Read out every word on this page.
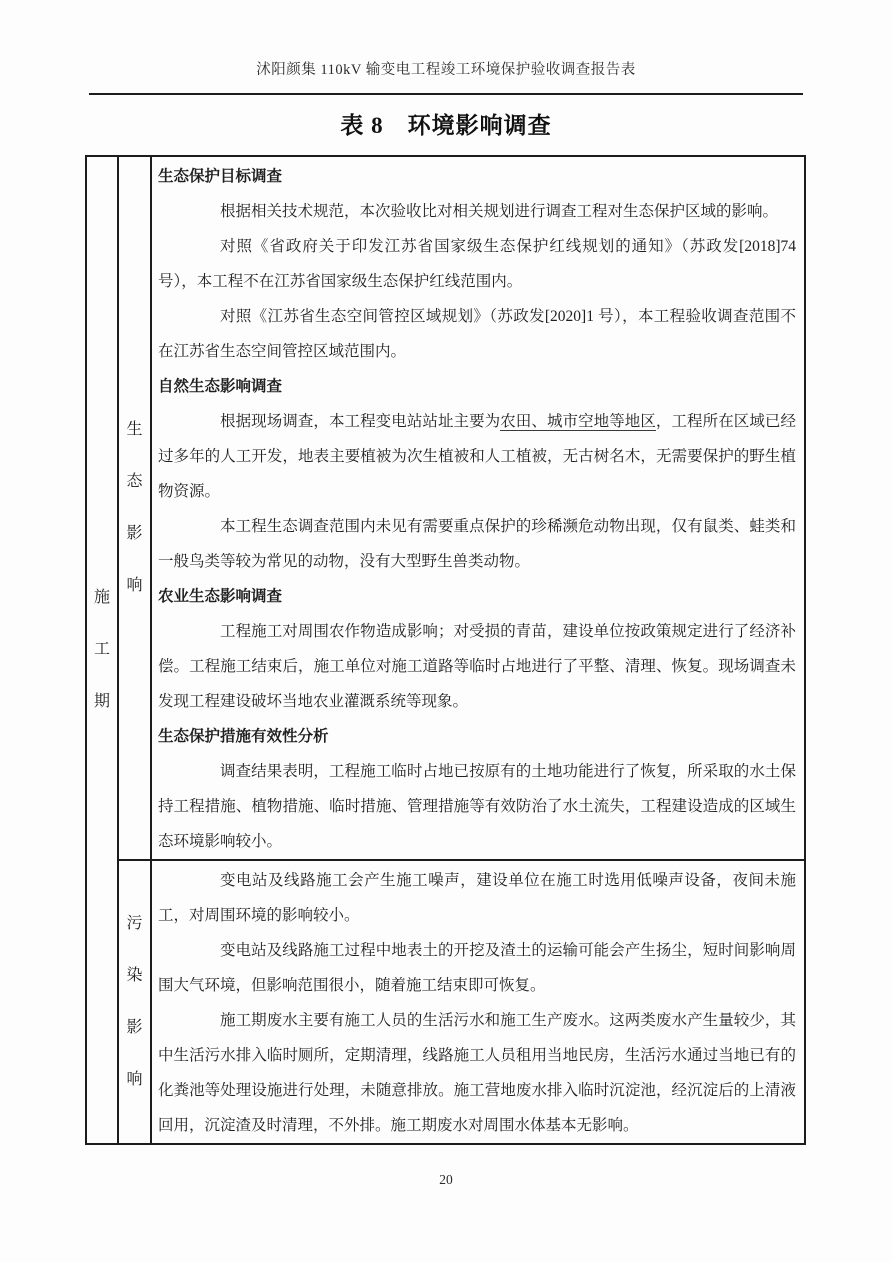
沭阳颜集 110kV 输变电工程竣工环境保护验收调查报告表
表 8　环境影响调查
施工期
生态影响

生态保护目标调查

根据相关技术规范，本次验收比对相关规划进行调查工程对生态保护区域的影响。

对照《省政府关于印发江苏省国家级生态保护红线规划的通知》（苏政发[2018]74 号），本工程不在江苏省国家级生态保护红线范围内。

对照《江苏省生态空间管控区域规划》（苏政发[2020]1 号），本工程验收调查范围不在江苏省生态空间管控区域范围内。

自然生态影响调查

根据现场调查，本工程变电站站址主要为农田、城市空地等地区，工程所在区域已经过多年的人工开发，地表主要植被为次生植被和人工植被，无古树名木，无需要保护的野生植物资源。

本工程生态调查范围内未见有需要重点保护的珍稀濒危动物出现，仅有鼠类、蛙类和一般鸟类等较为常见的动物，没有大型野生兽类动物。

农业生态影响调查

工程施工对周围农作物造成影响；对受损的青苗，建设单位按政策规定进行了经济补偿。工程施工结束后，施工单位对施工道路等临时占地进行了平整、清理、恢复。现场调查未发现工程建设破坏当地农业灌溉系统等现象。

生态保护措施有效性分析

调查结果表明，工程施工临时占地已按原有的土地功能进行了恢复，所采取的水土保持工程措施、植物措施、临时措施、管理措施等有效防治了水土流失，工程建设造成的区域生态环境影响较小。

污染影响

变电站及线路施工会产生施工噪声，建设单位在施工时选用低噪声设备，夜间未施工，对周围环境的影响较小。

变电站及线路施工过程中地表土的开挖及渣土的运输可能会产生扬尘，短时间影响周围大气环境，但影响范围很小，随着施工结束即可恢复。

施工期废水主要有施工人员的生活污水和施工生产废水。这两类废水产生量较少，其中生活污水排入临时厕所，定期清理，线路施工人员租用当地民房，生活污水通过当地已有的化粪池等处理设施进行处理，未随意排放。施工营地废水排入临时沉淀池，经沉淀后的上清液回用，沉淀渣及时清理，不外排。施工期废水对周围水体基本无影响。

20
